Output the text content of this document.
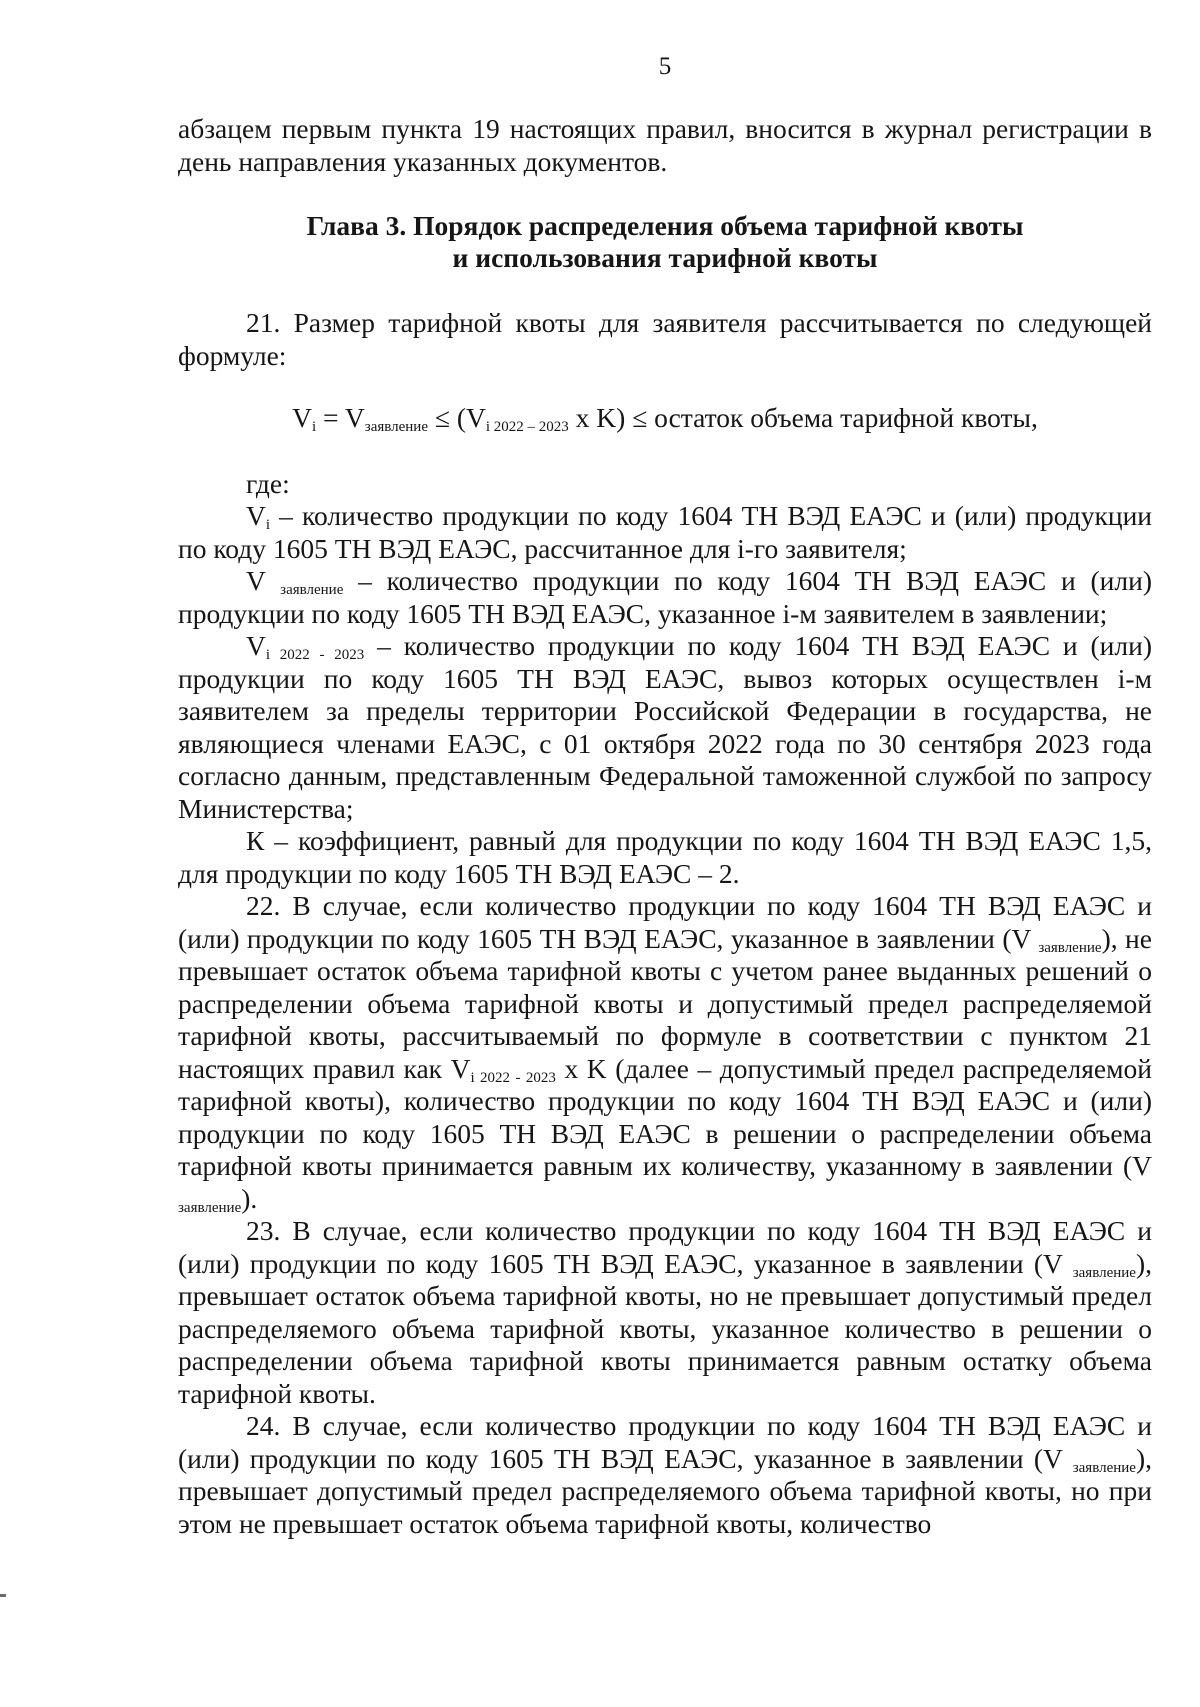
5

абзацем первым пункта 19 настоящих правил, вносится в журнал регистрации в день направления указанных документов.

Глава 3. Порядок распределения объема тарифной квоты
и использования тарифной квоты

21. Размер тарифной квоты для заявителя рассчитывается по следующей формуле:

$V_i = V_{заявление} \le (V_{i 2022 - 2023}$ x K) ≤ остаток объема тарифной квоты,

где:

$V_i$ – количество продукции по коду 1604 ТН ВЭД ЕАЭС и (или) продукции по коду 1605 ТН ВЭД ЕАЭС, рассчитанное для i-го заявителя;

V $_{заявление}$ – количество продукции по коду 1604 ТН ВЭД ЕАЭС и (или) продукции по коду 1605 ТН ВЭД ЕАЭС, указанное i-м заявителем в заявлении;

$V_{i 2022 - 2023}$ – количество продукции по коду 1604 ТН ВЭД ЕАЭС и (или) продукции по коду 1605 ТН ВЭД ЕАЭС, вывоз которых осуществлен i-м заявителем за пределы территории Российской Федерации в государства, не являющиеся членами ЕАЭС, с 01 октября 2022 года по 30 сентября 2023 года согласно данным, представленным Федеральной таможенной службой по запросу Министерства;

К – коэффициент, равный для продукции по коду 1604 ТН ВЭД ЕАЭС 1,5, для продукции по коду 1605 ТН ВЭД ЕАЭС – 2.

22. В случае, если количество продукции по коду 1604 ТН ВЭД ЕАЭС и (или) продукции по коду 1605 ТН ВЭД ЕАЭС, указанное в заявлении (V $_{заявление}$), не превышает остаток объема тарифной квоты с учетом ранее выданных решений о распределении объема тарифной квоты и допустимый предел распределяемой тарифной квоты, рассчитываемый по формуле в соответствии с пунктом 21 настоящих правил как $V_{i 2022 - 2023}$ x K (далее – допустимый предел распределяемой тарифной квоты), количество продукции по коду 1604 ТН ВЭД ЕАЭС и (или) продукции по коду 1605 ТН ВЭД ЕАЭС в решении о распределении объема тарифной квоты принимается равным их количеству, указанному в заявлении (V $_{заявление}$).

23. В случае, если количество продукции по коду 1604 ТН ВЭД ЕАЭС и (или) продукции по коду 1605 ТН ВЭД ЕАЭС, указанное в заявлении (V $_{заявление}$), превышает остаток объема тарифной квоты, но не превышает допустимый предел распределяемого объема тарифной квоты, указанное количество в решении о распределении объема тарифной квоты принимается равным остатку объема тарифной квоты.

24. В случае, если количество продукции по коду 1604 ТН ВЭД ЕАЭС и (или) продукции по коду 1605 ТН ВЭД ЕАЭС, указанное в заявлении (V $_{заявление}$), превышает допустимый предел распределяемого объема тарифной квоты, но при этом не превышает остаток объема тарифной квоты, количество
